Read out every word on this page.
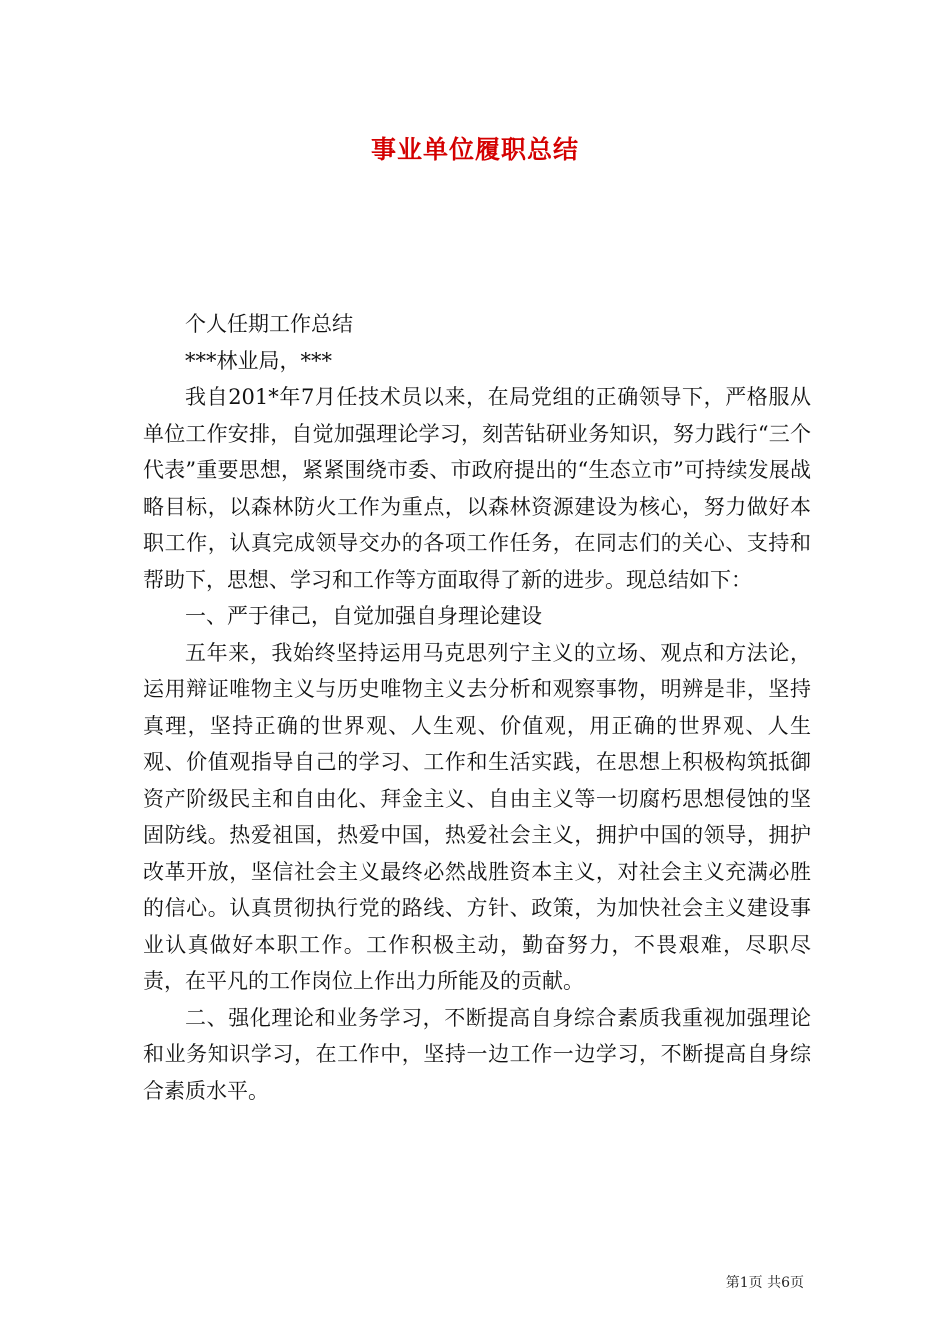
事业单位履职总结

个人任期工作总结

***林业局，***

我自201*年7月任技术员以来，在局党组的正确领导下，严格服从单位工作安排，自觉加强理论学习，刻苦钻研业务知识，努力践行“三个代表”重要思想，紧紧围绕市委、市政府提出的“生态立市”可持续发展战略目标，以森林防火工作为重点，以森林资源建设为核心，努力做好本职工作，认真完成领导交办的各项工作任务，在同志们的关心、支持和帮助下，思想、学习和工作等方面取得了新的进步。现总结如下：

一、严于律己，自觉加强自身理论建设

五年来，我始终坚持运用马克思列宁主义的立场、观点和方法论，运用辩证唯物主义与历史唯物主义去分析和观察事物，明辨是非，坚持真理，坚持正确的世界观、人生观、价值观，用正确的世界观、人生观、价值观指导自己的学习、工作和生活实践，在思想上积极构筑抵御资产阶级民主和自由化、拜金主义、自由主义等一切腐朽思想侵蚀的坚固防线。热爱祖国，热爱中国，热爱社会主义，拥护中国的领导，拥护改革开放，坚信社会主义最终必然战胜资本主义，对社会主义充满必胜的信心。认真贯彻执行党的路线、方针、政策，为加快社会主义建设事业认真做好本职工作。工作积极主动，勤奋努力，不畏艰难，尽职尽责，在平凡的工作岗位上作出力所能及的贡献。

二、强化理论和业务学习，不断提高自身综合素质我重视加强理论和业务知识学习，在工作中，坚持一边工作一边学习，不断提高自身综合素质水平。

第1页 共6页
